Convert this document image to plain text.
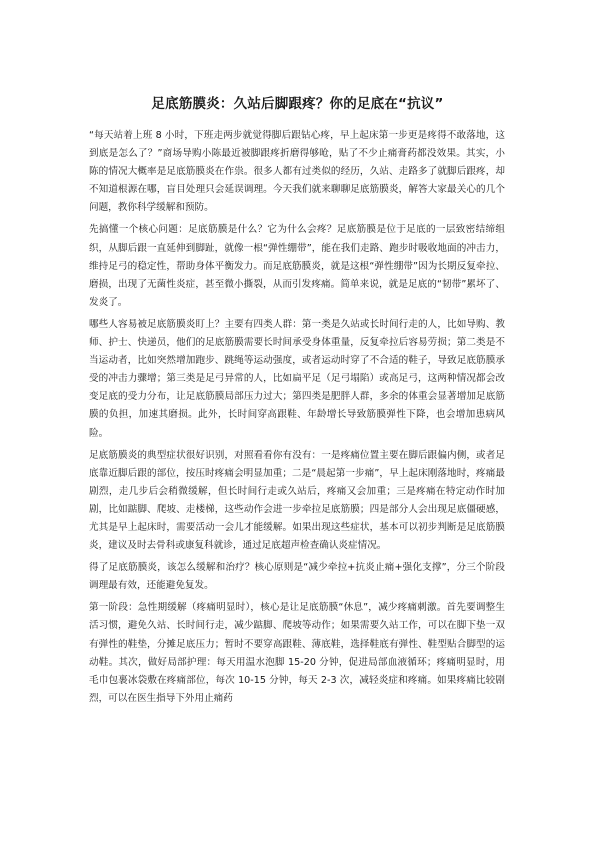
足底筋膜炎：久站后脚跟疼？你的足底在“抗议”

“每天站着上班 8 小时，下班走两步就觉得脚后跟钻心疼，早上起床第一步更是疼得不敢落地，这到底是怎么了？”商场导购小陈最近被脚跟疼折磨得够呛，贴了不少止痛膏药都没效果。其实，小陈的情况大概率是足底筋膜炎在作祟。很多人都有过类似的经历，久站、走路多了就脚后跟疼，却不知道根源在哪，盲目处理只会延误调理。今天我们就来聊聊足底筋膜炎，解答大家最关心的几个问题，教你科学缓解和预防。

先搞懂一个核心问题：足底筋膜是什么？它为什么会疼？足底筋膜是位于足底的一层致密结缔组织，从脚后跟一直延伸到脚趾，就像一根“弹性绷带”，能在我们走路、跑步时吸收地面的冲击力，维持足弓的稳定性，帮助身体平衡发力。而足底筋膜炎，就是这根“弹性绷带”因为长期反复牵拉、磨损，出现了无菌性炎症，甚至微小撕裂，从而引发疼痛。简单来说，就是足底的“韧带”累坏了、发炎了。

哪些人容易被足底筋膜炎盯上？主要有四类人群：第一类是久站或长时间行走的人，比如导购、教师、护士、快递员，他们的足底筋膜需要长时间承受身体重量，反复牵拉后容易劳损；第二类是不当运动者，比如突然增加跑步、跳绳等运动强度，或者运动时穿了不合适的鞋子，导致足底筋膜承受的冲击力骤增；第三类是足弓异常的人，比如扁平足（足弓塌陷）或高足弓，这两种情况都会改变足底的受力分布，让足底筋膜局部压力过大；第四类是肥胖人群，多余的体重会显著增加足底筋膜的负担，加速其磨损。此外，长时间穿高跟鞋、年龄增长导致筋膜弹性下降，也会增加患病风险。

足底筋膜炎的典型症状很好识别，对照看看你有没有：一是疼痛位置主要在脚后跟偏内侧，或者足底靠近脚后跟的部位，按压时疼痛会明显加重；二是“晨起第一步痛”，早上起床刚落地时，疼痛最剧烈，走几步后会稍微缓解，但长时间行走或久站后，疼痛又会加重；三是疼痛在特定动作时加剧，比如踮脚、爬坡、走楼梯，这些动作会进一步牵拉足底筋膜；四是部分人会出现足底僵硬感，尤其是早上起床时，需要活动一会儿才能缓解。如果出现这些症状，基本可以初步判断是足底筋膜炎，建议及时去骨科或康复科就诊，通过足底超声检查确认炎症情况。

得了足底筋膜炎，该怎么缓解和治疗？核心原则是“减少牵拉+抗炎止痛+强化支撑”，分三个阶段调理最有效，还能避免复发。

第一阶段：急性期缓解（疼痛明显时），核心是让足底筋膜“休息”，减少疼痛刺激。首先要调整生活习惯，避免久站、长时间行走，减少踮脚、爬坡等动作；如果需要久站工作，可以在脚下垫一双有弹性的鞋垫，分摊足底压力；暂时不要穿高跟鞋、薄底鞋，选择鞋底有弹性、鞋型贴合脚型的运动鞋。其次，做好局部护理：每天用温水泡脚 15-20 分钟，促进局部血液循环；疼痛明显时，用毛巾包裹冰袋敷在疼痛部位，每次 10-15 分钟，每天 2-3 次，减轻炎症和疼痛。如果疼痛比较剧烈，可以在医生指导下外用止痛药
